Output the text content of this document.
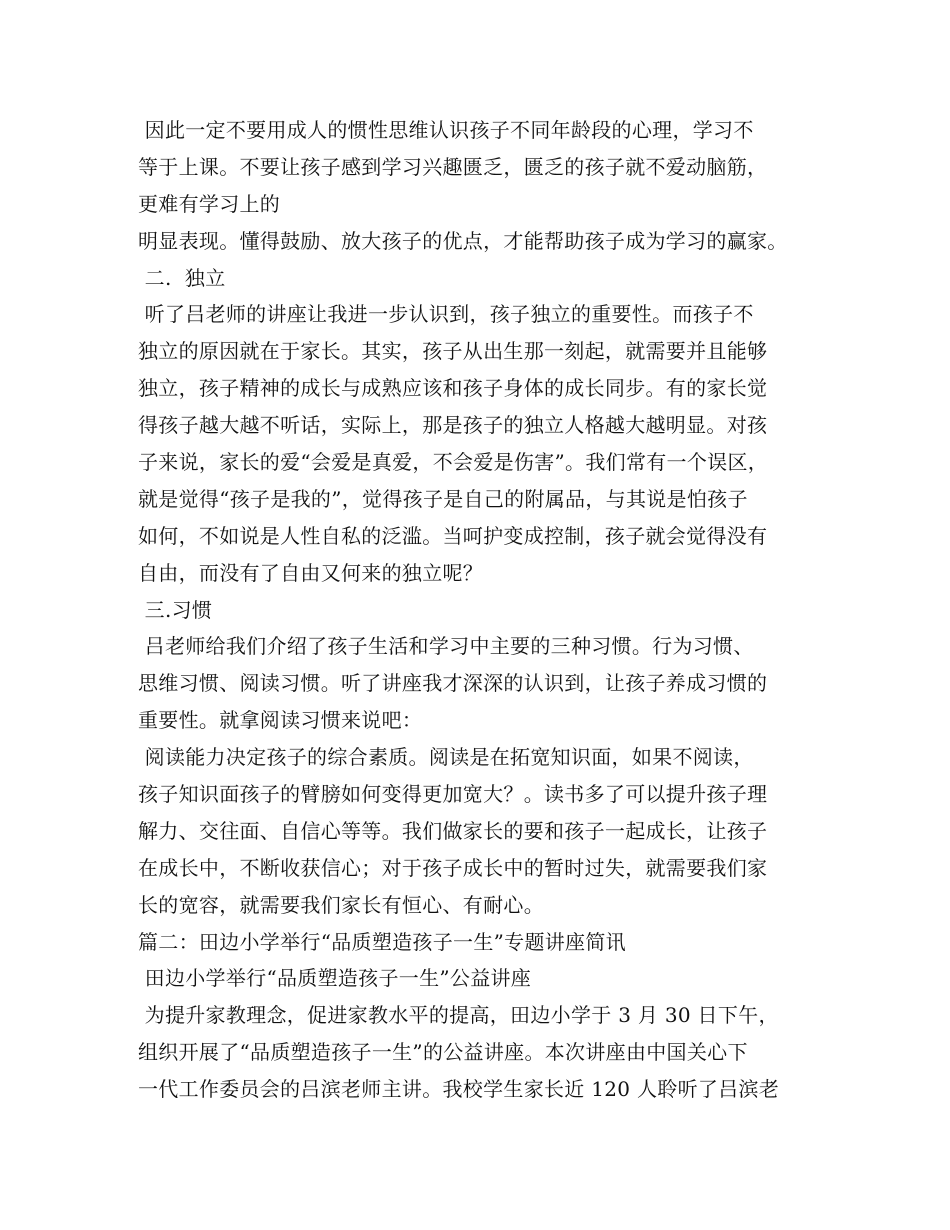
因此一定不要用成人的惯性思维认识孩子不同年龄段的心理，学习不
等于上课。不要让孩子感到学习兴趣匮乏，匮乏的孩子就不爱动脑筋，
更难有学习上的
明显表现。懂得鼓励、放大孩子的优点，才能帮助孩子成为学习的赢家。
二.  独立
听了吕老师的讲座让我进一步认识到，孩子独立的重要性。而孩子不
独立的原因就在于家长。其实，孩子从出生那一刻起，就需要并且能够
独立，孩子精神的成长与成熟应该和孩子身体的成长同步。有的家长觉
得孩子越大越不听话，实际上，那是孩子的独立人格越大越明显。对孩
子来说，家长的爱“会爱是真爱，不会爱是伤害”。我们常有一个误区，
就是觉得“孩子是我的”，觉得孩子是自己的附属品，与其说是怕孩子
如何，不如说是人性自私的泛滥。当呵护变成控制，孩子就会觉得没有
自由，而没有了自由又何来的独立呢？
三.习惯
吕老师给我们介绍了孩子生活和学习中主要的三种习惯。行为习惯、
思维习惯、阅读习惯。听了讲座我才深深的认识到，让孩子养成习惯的
重要性。就拿阅读习惯来说吧：
阅读能力决定孩子的综合素质。阅读是在拓宽知识面，如果不阅读，
孩子知识面孩子的臂膀如何变得更加宽大？。读书多了可以提升孩子理
解力、交往面、自信心等等。我们做家长的要和孩子一起成长，让孩子
在成长中，不断收获信心；对于孩子成长中的暂时过失，就需要我们家
长的宽容，就需要我们家长有恒心、有耐心。
篇二：田边小学举行“品质塑造孩子一生”专题讲座简讯
田边小学举行“品质塑造孩子一生”公益讲座
为提升家教理念，促进家教水平的提高，田边小学于 3 月 30 日下午，
组织开展了“品质塑造孩子一生”的公益讲座。本次讲座由中国关心下
一代工作委员会的吕滨老师主讲。我校学生家长近 120 人聆听了吕滨老
